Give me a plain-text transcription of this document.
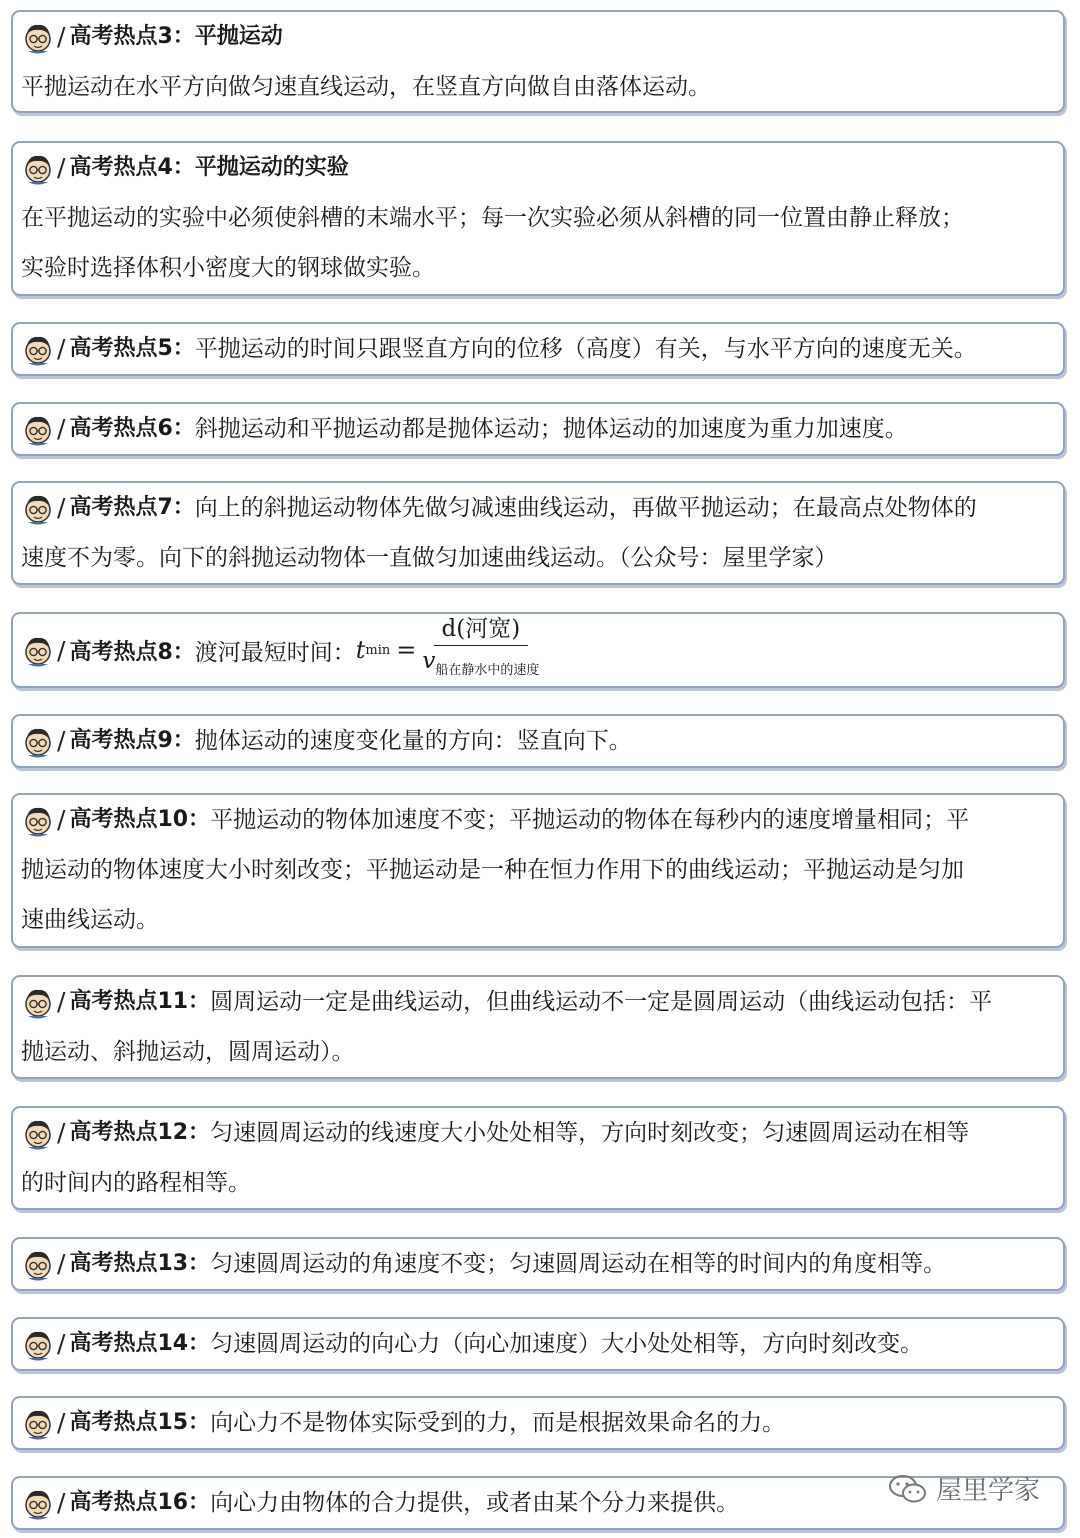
/ 高考热点3：平抛运动
平抛运动在水平方向做匀速直线运动，在竖直方向做自由落体运动。
/ 高考热点4：平抛运动的实验
在平抛运动的实验中必须使斜槽的末端水平；每一次实验必须从斜槽的同一位置由静止释放；
实验时选择体积小密度大的钢球做实验。
/ 高考热点5： 平抛运动的时间只跟竖直方向的位移（高度）有关，与水平方向的速度无关。
/ 高考热点6： 斜抛运动和平抛运动都是抛体运动；抛体运动的加速度为重力加速度。
/ 高考热点7： 向上的斜抛运动物体先做匀减速曲线运动，再做平抛运动；在最高点处物体的
速度不为零。向下的斜抛运动物体一直做匀加速曲线运动。（公众号：屋里学家）
/ 高考热点8： 渡河最短时间： t $\min = \frac{\text{d(河宽)}}{v_{船在静水中的速度}}$
/ 高考热点9： 抛体运动的速度变化量的方向：竖直向下。
/ 高考热点10： 平抛运动的物体加速度不变；平抛运动的物体在每秒内的速度增量相同；平
抛运动的物体速度大小时刻改变；平抛运动是一种在恒力作用下的曲线运动；平抛运动是匀加
速曲线运动。
/ 高考热点11： 圆周运动一定是曲线运动，但曲线运动不一定是圆周运动（曲线运动包括：平
抛运动、斜抛运动，圆周运动）。
/ 高考热点12： 匀速圆周运动的线速度大小处处相等，方向时刻改变；匀速圆周运动在相等
的时间内的路程相等。
/ 高考热点13： 匀速圆周运动的角速度不变；匀速圆周运动在相等的时间内的角度相等。
/ 高考热点14： 匀速圆周运动的向心力（向心加速度）大小处处相等，方向时刻改变。
/ 高考热点15： 向心力不是物体实际受到的力，而是根据效果命名的力。
/ 高考热点16： 向心力由物体的合力提供，或者由某个分力来提供。	屋里学家
